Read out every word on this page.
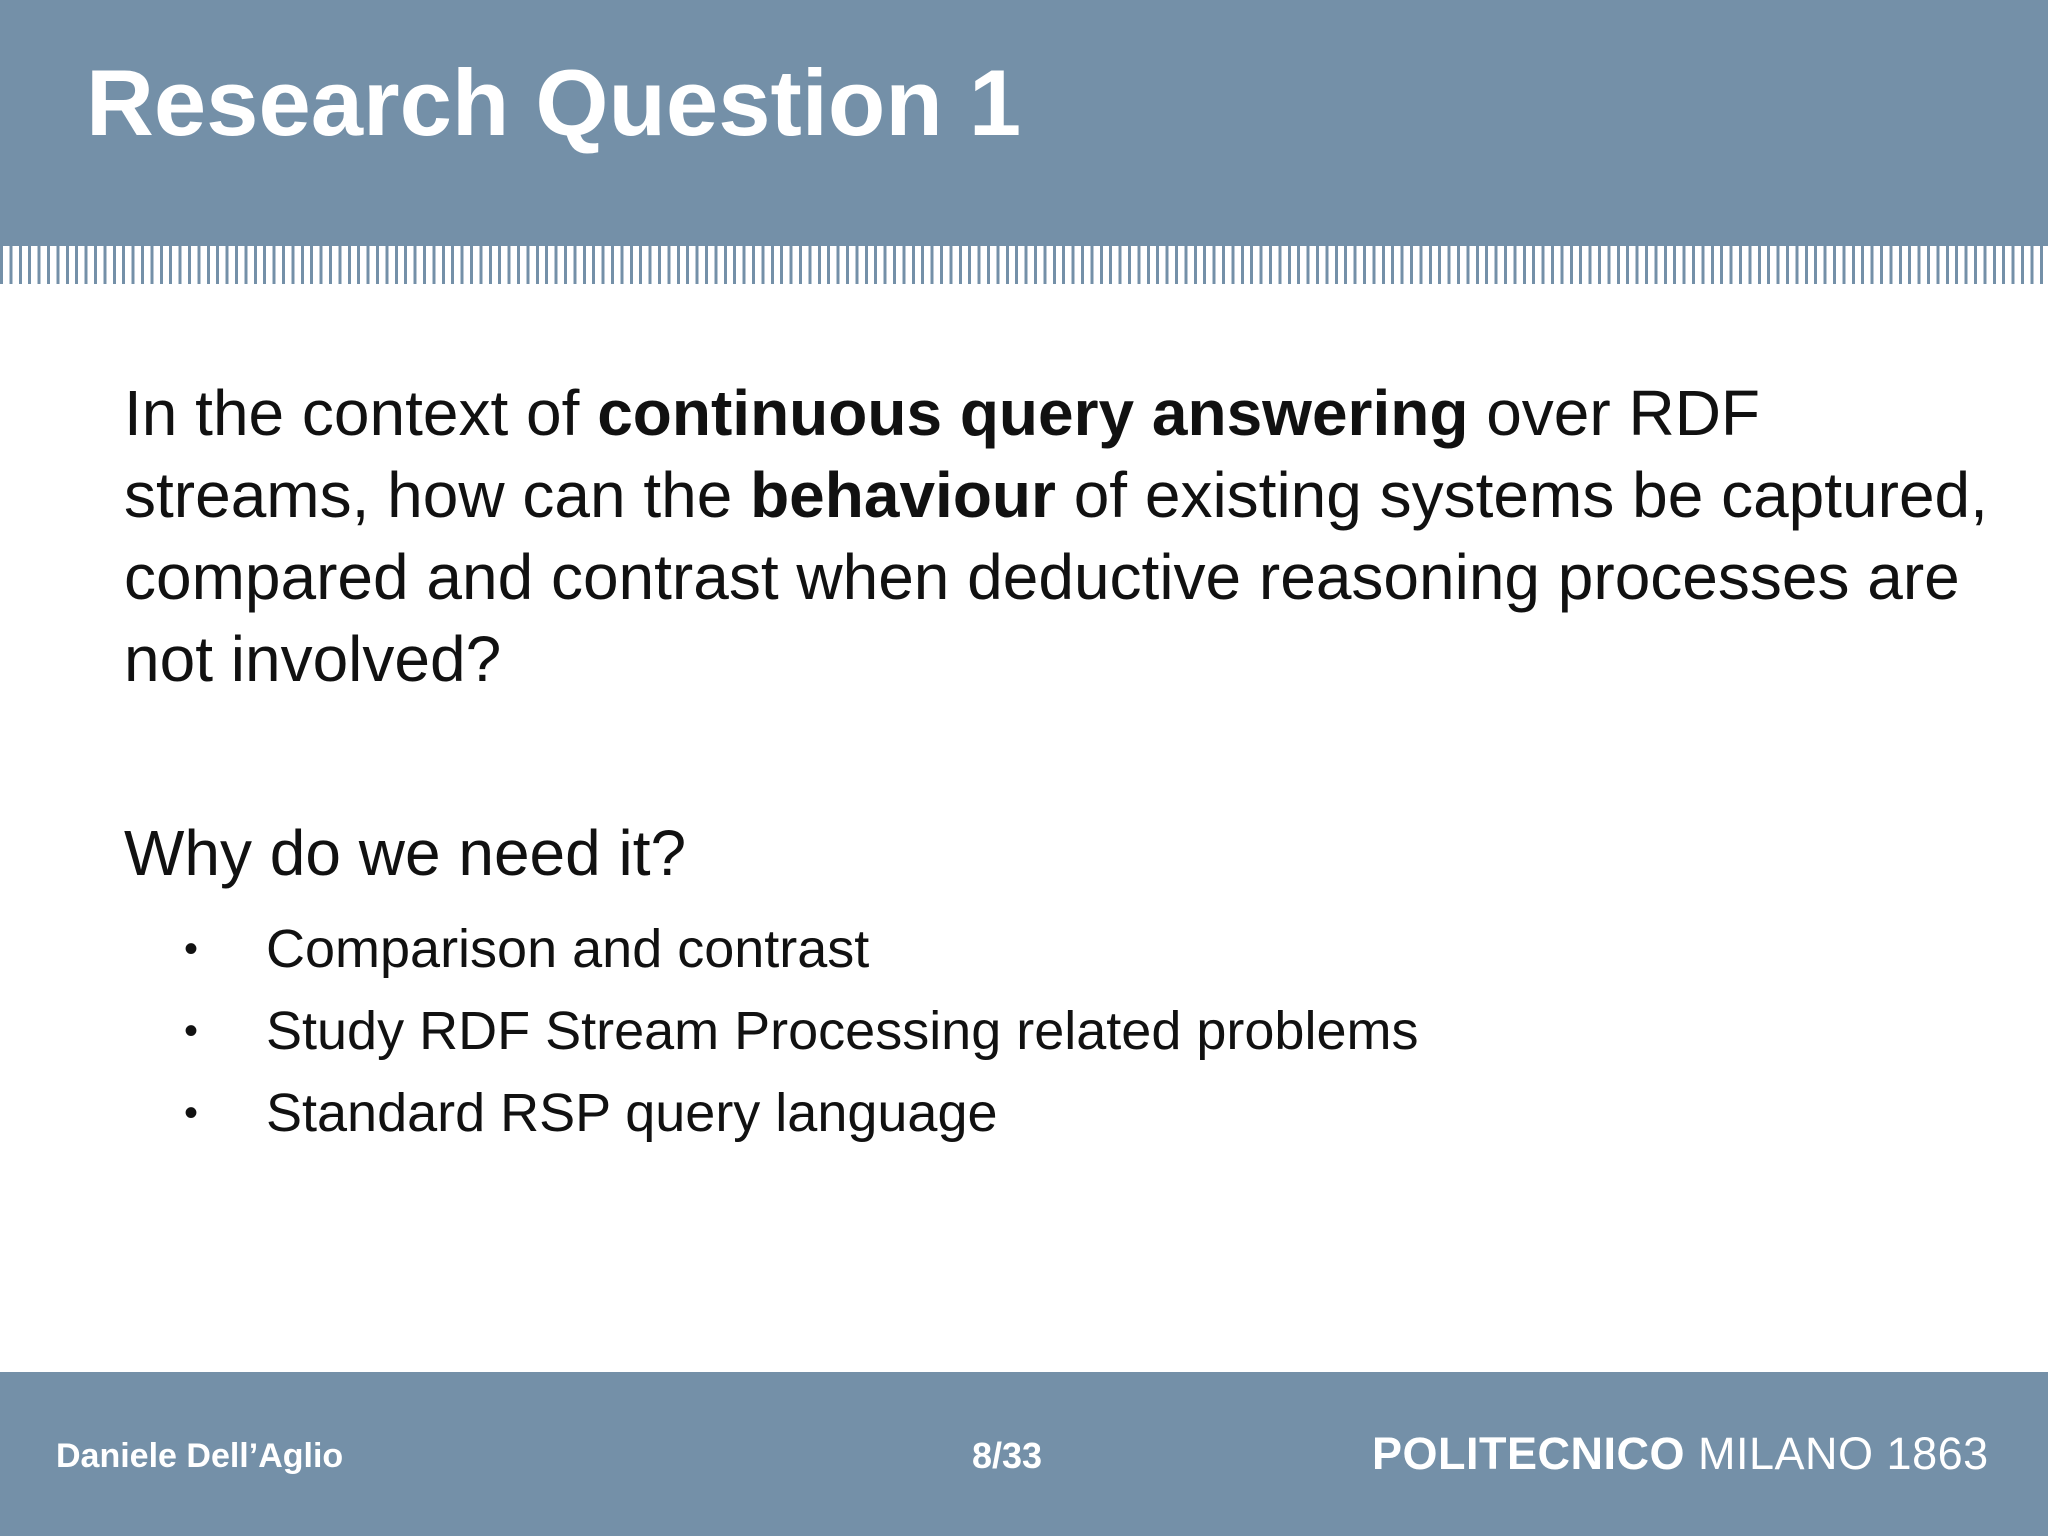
Research Question 1

In the context of continuous query answering over RDF streams, how can the behaviour of existing systems be captured, compared and contrast when deductive reasoning processes are not involved?

Why do we need it?

• Comparison and contrast
• Study RDF Stream Processing related problems
• Standard RSP query language
Daniele Dell’Aglio	8/33	POLITECNICO MILANO 1863
